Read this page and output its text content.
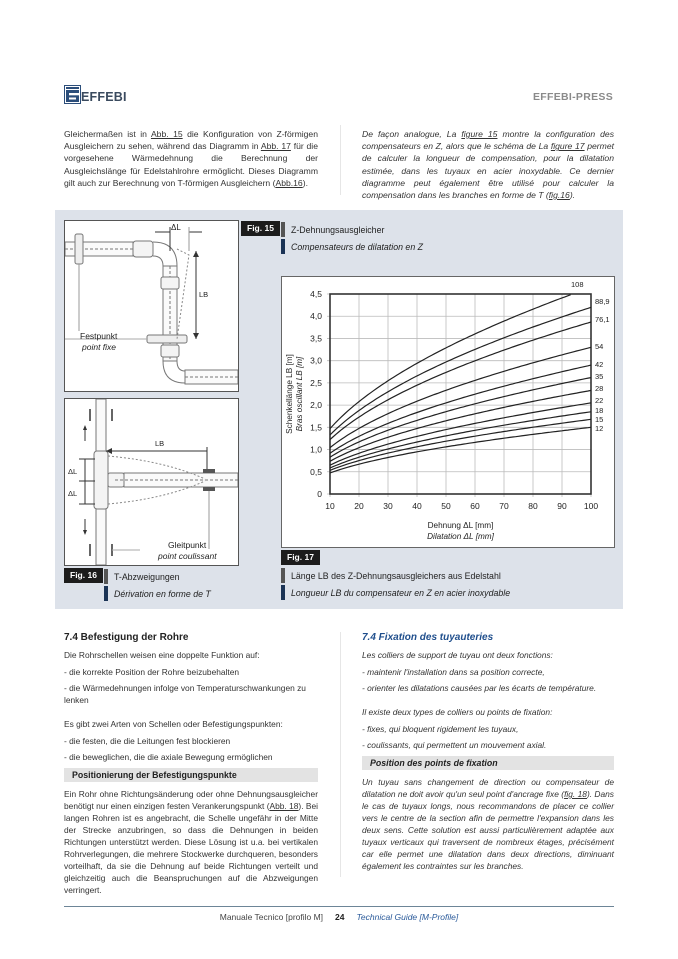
EFFEBI	EFFEBI-PRESS
Gleichermaßen ist in Abb. 15 die Konfiguration von Z-förmigen Ausgleichern zu sehen, während das Diagramm in Abb. 17 für die vorgesehene Wärmedehnung die Berechnung der Ausgleichslänge für Edelstahlrohre ermöglicht. Dieses Diagramm gilt auch zur Berechnung von T-förmigen Ausgleichern (Abb.16).
De façon analogue, La figure 15 montre la configuration des compensateurs en Z, alors que le schéma de La figure 17 permet de calculer la longueur de compensation, pour la dilatation estimée, dans les tuyaux en acier inoxydable. Ce dernier diagramme peut également être utilisé pour calculer la compensation dans les branches en forme de T (fig.16).
ΔL
LB
Festpunkt
point fixe
Fig. 15	Z-Dehnungsausgleicher
Compensateurs de dilatation en Z
ΔL
ΔL
LB
Gleitpunkt
point coulissant
Fig. 16	T-Abzweigungen
Dérivation en forme de T
10 20 30 40 50 60 70 80 90 100
0
0,5
1,0
1,5
2,0
2,5
3,0
3,5
4,0
4,5
108
88,9
76,1
54
42
35
28
22
18
15
12
Schenkellänge LB [m] Bras oscillant LB [m]
Dehnung ΔL [mm]
Dilatation ΔL [mm]
Fig. 17
Länge LB des Z-Dehnungsausgleichers aus Edelstahl
Longueur LB du compensateur en Z en acier inoxydable
7.4 Befestigung der Rohre
Die Rohrschellen weisen eine doppelte Funktion auf:
- die korrekte Position der Rohre beizubehalten
- die Wärmedehnungen infolge von Temperaturschwankungen zu lenken
Es gibt zwei Arten von Schellen oder Befestigungspunkten:
- die festen, die die Leitungen fest blockieren
- die beweglichen, die die axiale Bewegung ermöglichen
Positionierung der Befestigungspunkte
Ein Rohr ohne Richtungsänderung oder ohne Dehnungsausgleicher benötigt nur einen einzigen festen Verankerungspunkt (Abb. 18). Bei langen Rohren ist es angebracht, die Schelle ungefähr in der Mitte der Strecke anzubringen, so dass die Dehnungen in beiden Richtungen unterstützt werden. Diese Lösung ist u.a. bei vertikalen Rohrverlegungen, die mehrere Stockwerke durchqueren, besonders vorteilhaft, da sie die Dehnung auf beide Richtungen verteilt und gleichzeitig auch die Beanspruchungen auf die Abzweigungen verringert.
7.4 Fixation des tuyauteries
Les colliers de support de tuyau ont deux fonctions:
- maintenir l'installation dans sa position correcte,
- orienter les dilatations causées par les écarts de température.
Il existe deux types de colliers ou points de fixation:
- fixes, qui bloquent rigidement les tuyaux,
- coulissants, qui permettent un mouvement axial.
Position des points de fixation
Un tuyau sans changement de direction ou compensateur de dilatation ne doit avoir qu'un seul point d'ancrage fixe (fig. 18). Dans le cas de tuyaux longs, nous recommandons de placer ce collier vers le centre de la section afin de permettre l'expansion dans les deux sens. Cette solution est aussi particulièrement adaptée aux tuyaux verticaux qui traversent de nombreux étages, précisément car elle permet une dilatation dans deux directions, diminuant également les contraintes sur les branches.
Manuale Tecnico [profilo M] 24 Technical Guide [M-Profile]
